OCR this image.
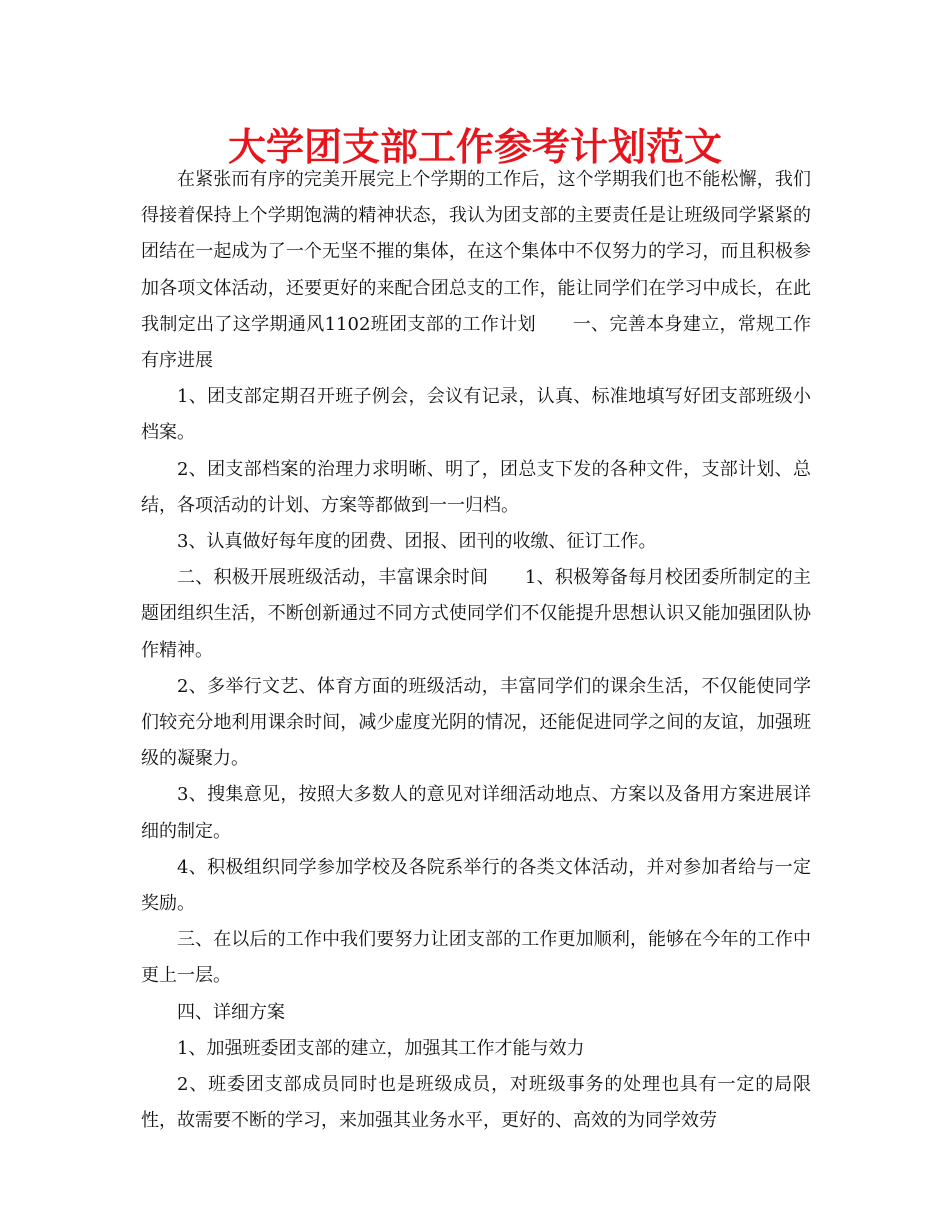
大学团支部工作参考计划范文

在紧张而有序的完美开展完上个学期的工作后，这个学期我们也不能松懈，我们得接着保持上个学期饱满的精神状态，我认为团支部的主要责任是让班级同学紧紧的团结在一起成为了一个无坚不摧的集体，在这个集体中不仅努力的学习，而且积极参加各项文体活动，还要更好的来配合团总支的工作，能让同学们在学习中成长，在此我制定出了这学期通风1102班团支部的工作计划　　一、完善本身建立，常规工作有序进展

1、团支部定期召开班子例会，会议有记录，认真、标准地填写好团支部班级小档案。

2、团支部档案的治理力求明晰、明了，团总支下发的各种文件，支部计划、总结，各项活动的计划、方案等都做到一一归档。

3、认真做好每年度的团费、团报、团刊的收缴、征订工作。

二、积极开展班级活动，丰富课余时间　　1、积极筹备每月校团委所制定的主题团组织生活，不断创新通过不同方式使同学们不仅能提升思想认识又能加强团队协作精神。

2、多举行文艺、体育方面的班级活动，丰富同学们的课余生活，不仅能使同学们较充分地利用课余时间，减少虚度光阴的情况，还能促进同学之间的友谊，加强班级的凝聚力。

3、搜集意见，按照大多数人的意见对详细活动地点、方案以及备用方案进展详细的制定。

4、积极组织同学参加学校及各院系举行的各类文体活动，并对参加者给与一定奖励。

三、在以后的工作中我们要努力让团支部的工作更加顺利，能够在今年的工作中更上一层。

四、详细方案

1、加强班委团支部的建立，加强其工作才能与效力

2、班委团支部成员同时也是班级成员，对班级事务的处理也具有一定的局限性，故需要不断的学习，来加强其业务水平，更好的、高效的为同学效劳
